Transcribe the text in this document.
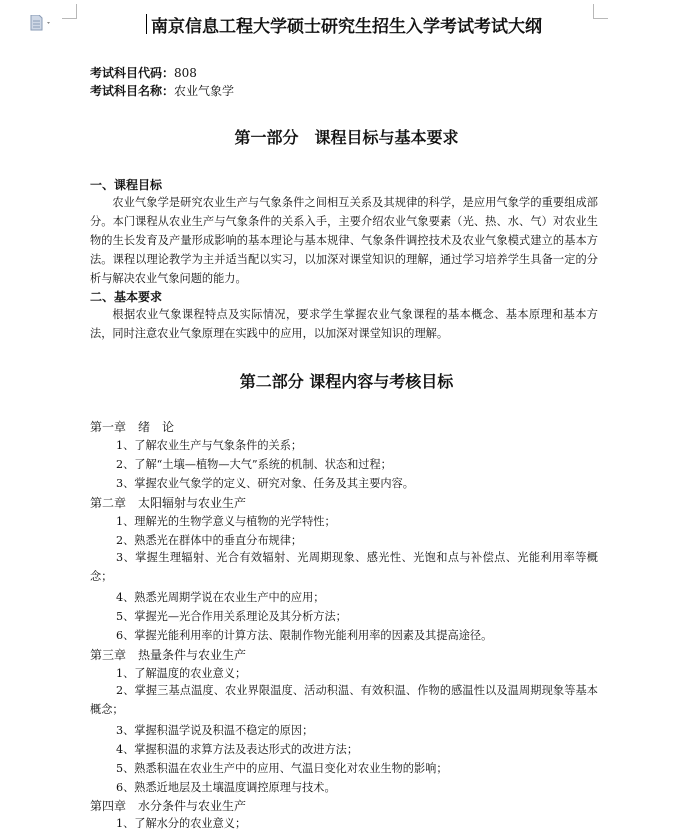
南京信息工程大学硕士研究生招生入学考试考试大纲
考试科目代码：808
考试科目名称：农业气象学
第一部分　课程目标与基本要求
一、课程目标
农业气象学是研究农业生产与气象条件之间相互关系及其规律的科学，是应用气象学的重要组成部分。本门课程从农业生产与气象条件的关系入手，主要介绍农业气象要素（光、热、水、气）对农业生物的生长发育及产量形成影响的基本理论与基本规律、气象条件调控技术及农业气象模式建立的基本方法。课程以理论教学为主并适当配以实习，以加深对课堂知识的理解，通过学习培养学生具备一定的分析与解决农业气象问题的能力。
二、基本要求
根据农业气象课程特点及实际情况，要求学生掌握农业气象课程的基本概念、基本原理和基本方法，同时注意农业气象原理在实践中的应用，以加深对课堂知识的理解。
第二部分 课程内容与考核目标
第一章　绪　论
1、了解农业生产与气象条件的关系；
2、了解“土壤—植物—大气”系统的机制、状态和过程；
3、掌握农业气象学的定义、研究对象、任务及其主要内容。
第二章　太阳辐射与农业生产
1、理解光的生物学意义与植物的光学特性；
2、熟悉光在群体中的垂直分布规律；
3、掌握生理辐射、光合有效辐射、光周期现象、感光性、光饱和点与补偿点、光能利用率等概念；
4、熟悉光周期学说在农业生产中的应用；
5、掌握光—光合作用关系理论及其分析方法；
6、掌握光能利用率的计算方法、限制作物光能利用率的因素及其提高途径。
第三章　热量条件与农业生产
1、了解温度的农业意义；
2、掌握三基点温度、农业界限温度、活动积温、有效积温、作物的感温性以及温周期现象等基本概念；
3、掌握积温学说及积温不稳定的原因；
4、掌握积温的求算方法及表达形式的改进方法；
5、熟悉积温在农业生产中的应用、气温日变化对农业生物的影响；
6、熟悉近地层及土壤温度调控原理与技术。
第四章　水分条件与农业生产
1、了解水分的农业意义；
